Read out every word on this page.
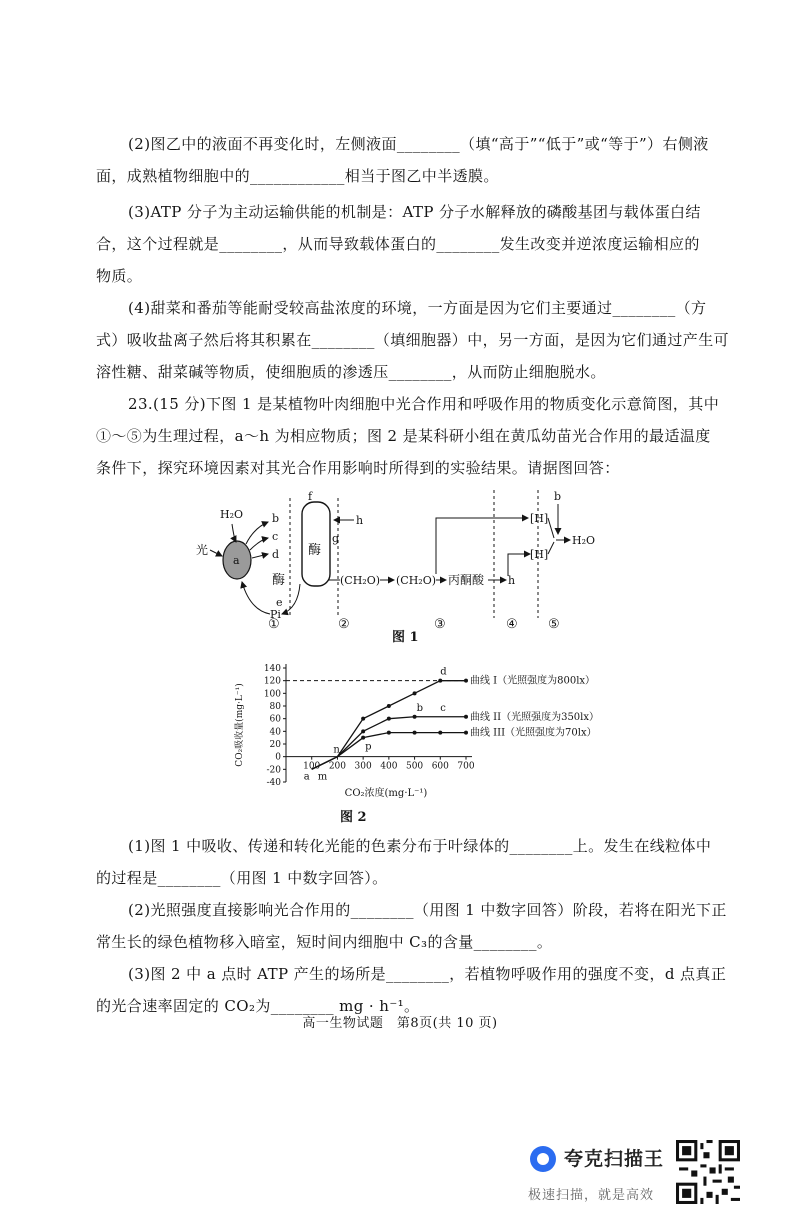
(2)图乙中的液面不再变化时，左侧液面________（填“高于”“低于”或“等于”）右侧液
面，成熟植物细胞中的____________相当于图乙中半透膜。

(3)ATP 分子为主动运输供能的机制是：ATP 分子水解释放的磷酸基团与载体蛋白结
合，这个过程就是________，从而导致载体蛋白的________发生改变并逆浓度运输相应的
物质。

(4)甜菜和番茄等能耐受较高盐浓度的环境，一方面是因为它们主要通过________（方
式）吸收盐离子然后将其积累在________（填细胞器）中，另一方面，是因为它们通过产生可
溶性糖、甜菜碱等物质，使细胞质的渗透压________，从而防止细胞脱水。

23.(15 分)下图 1 是某植物叶肉细胞中光合作用和呼吸作用的物质变化示意简图，其中
①～⑤为生理过程，a～h 为相应物质；图 2 是某科研小组在黄瓜幼苗光合作用的最适温度
条件下，探究环境因素对其光合作用影响时所得到的实验结果。请据图回答：

a
光
H₂O	b
c
d
酶
e
Pi
f
g
酶
h
(CH₂O) (CH₂O) 丙酮酸 h
[H]
[H]
b
H₂O
①	②	③	④ ⑤
图 1
140
120
100
80
60
40
20
0
-20
-40
100 200 300 400 500 600 700
CO₂浓度(mg·L⁻¹)
CO₂吸收量(mg·L⁻¹)
曲线 I（光照强度为800lx）
曲线 II（光照强度为350lx）
曲线 III（光照强度为70lx）
a m
n	p
b c
d
图 2

(1)图 1 中吸收、传递和转化光能的色素分布于叶绿体的________上。发生在线粒体中
的过程是________（用图 1 中数字回答）。

(2)光照强度直接影响光合作用的________（用图 1 中数字回答）阶段，若将在阳光下正
常生长的绿色植物移入暗室，短时间内细胞中 C₃的含量________。

(3)图 2 中 a 点时 ATP 产生的场所是________，若植物呼吸作用的强度不变，d 点真正
的光合速率固定的 CO₂为________ mg · h⁻¹。

高一生物试题　第8页(共 10 页)
夸克扫描王
极速扫描，就是高效
